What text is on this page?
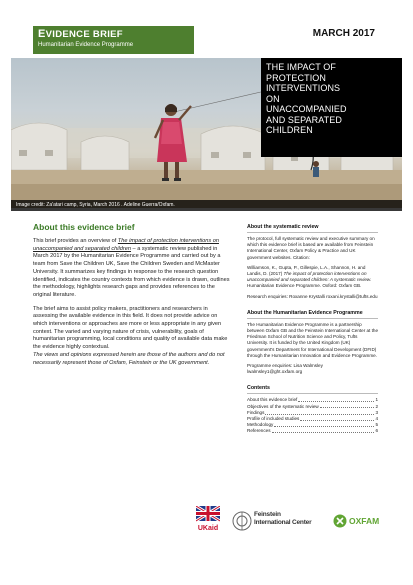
EVIDENCE BRIEF
Humanitarian Evidence Programme
MARCH 2017
THE IMPACT OF
PROTECTION
INTERVENTIONS
ON
UNACCOMPANIED
AND SEPARATED
CHILDREN
Image credit: Za'atari camp, Syria, March 2016 . Adeline Guerra/Oxfam.
About this evidence brief

This brief provides an overview of The impact of protection interventions on unaccompanied and separated children – a systematic review published in March 2017 by the Humanitarian Evidence Programme and carried out by a team from Save the Children UK, Save the Children Sweden and McMaster University. It summarizes key findings in response to the research question identified, indicates the country contexts from which evidence is drawn, outlines the methodology, highlights research gaps and provides references to the original literature.

The brief aims to assist policy makers, practitioners and researchers in assessing the available evidence in this field. It does not provide advice on which interventions or approaches are more or less appropriate in any given context. The varied and varying nature of crisis, vulnerability, goals of humanitarian programming, local conditions and quality of available data make the evidence highly contextual.
The views and opinions expressed herein are those of the authors and do not necessarily represent those of Oxfam, Feinstein or the UK government.

About the systematic review

The protocol, full systematic review and executive summary on which this evidence brief is based are available from Feinstein International Center, Oxfam Policy & Practice and UK government websites. Citation:

Williamson, K., Gupta, P., Gillespie, L.A., Shannon, H. and Landis, D. (2017) The impact of protection interventions on unaccompanied and separated children: A systematic review. Humanitarian Evidence Programme. Oxford: Oxfam GB.

Research enquiries: Roxanne Krystalli roxani.krystalli@tufts.edu

About the Humanitarian Evidence Programme

The Humanitarian Evidence Programme is a partnership between Oxfam GB and the Feinstein International Center at the Friedman School of Nutrition Science and Policy, Tufts University. It is funded by the United Kingdom (UK) government's Department for International Development (DFID) through the Humanitarian Innovation and Evidence Programme.

Programme enquiries: Lisa Walmsley lwalmsley1@ght.oxfam.org

Contents
About this evidence brief	1
Objectives of the systematic review	2
Findings	3
Profile of included studies	4
Methodology	5
References	6
UKaid
Feinstein
International Center	OXFAM
